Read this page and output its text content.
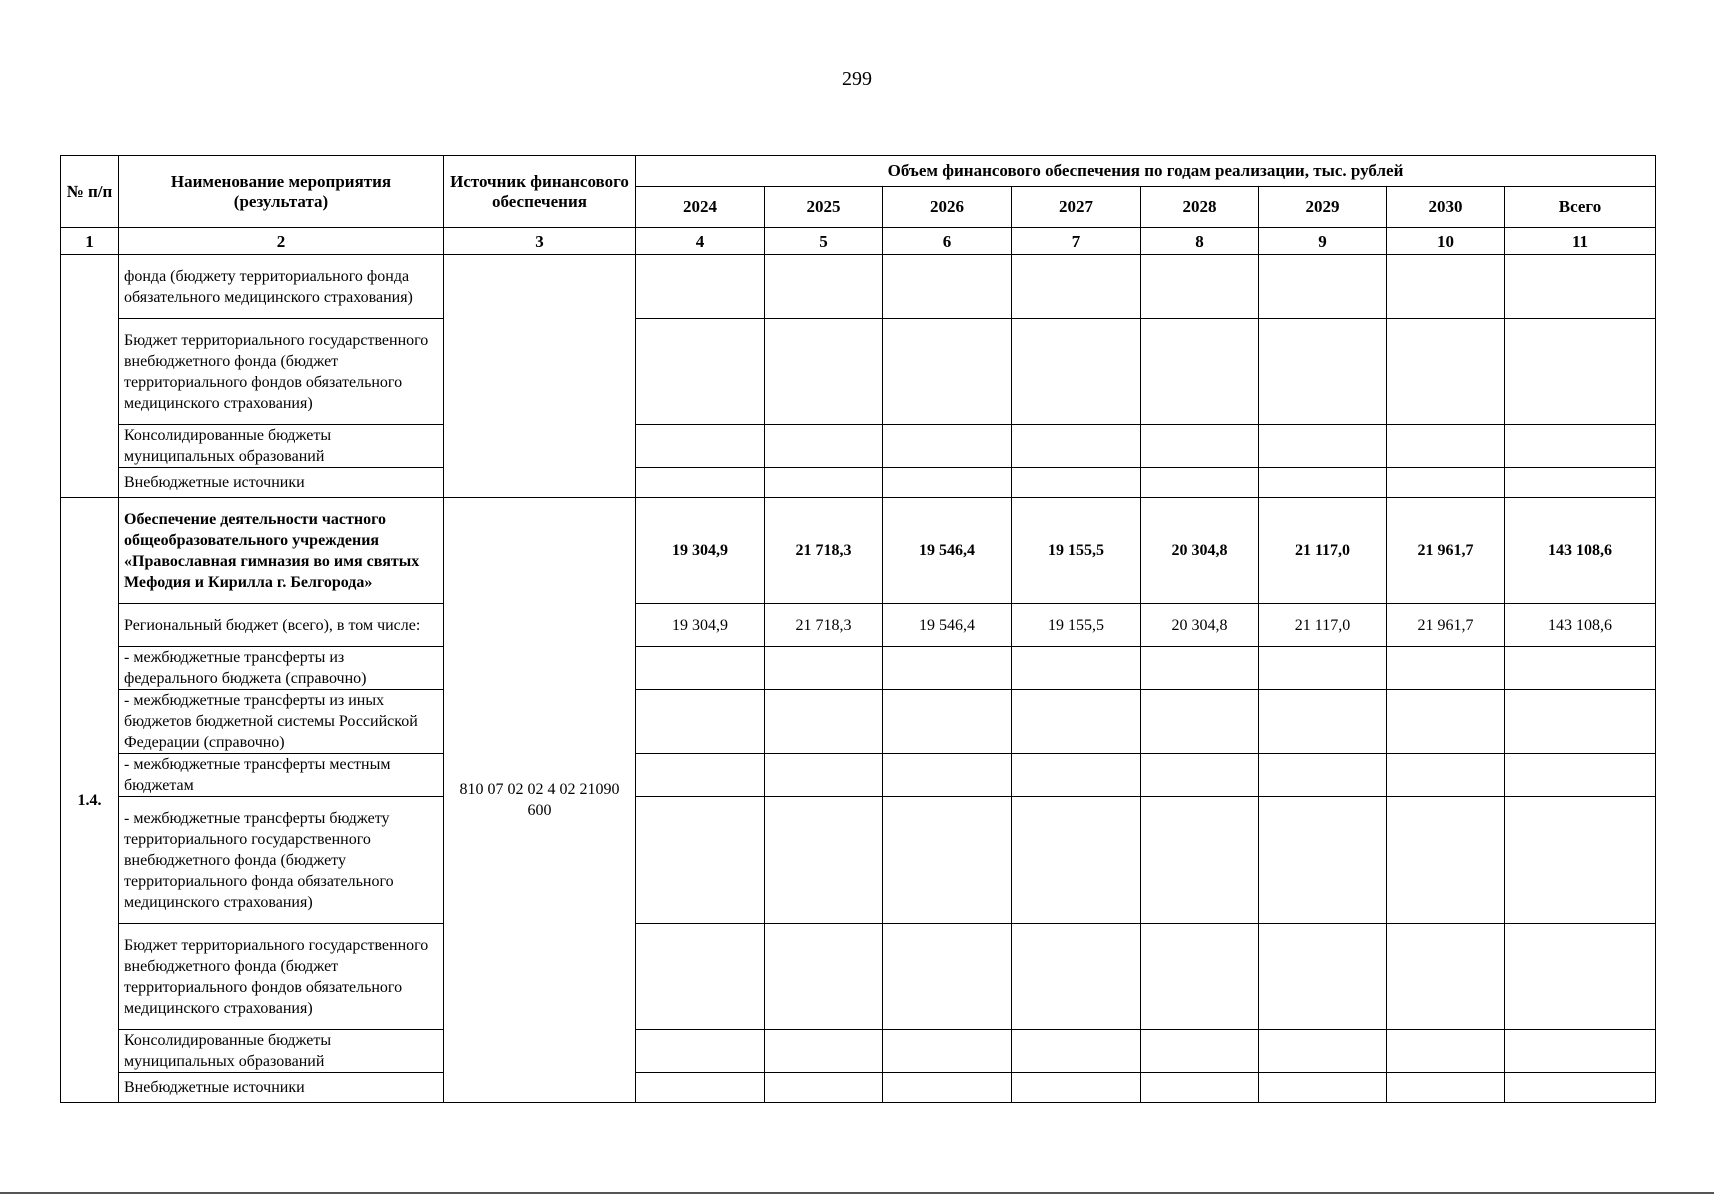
299
№ п/п	Наименование мероприятия (результата)	Источник финансового обеспечения	Объем финансового обеспечения по годам реализации, тыс. рублей							
			2024	2025	2026	2027	2028	2029	2030	Всего
1	2	3	4	5	6	7	8	9	10	11
	фонда (бюджету территориального фонда обязательного медицинского страхования)									
	Бюджет территориального государственного внебюджетного фонда (бюджет территориального фондов обязательного медицинского страхования)									
	Консолидированные бюджеты муниципальных образований									
	Внебюджетные источники									
1.4.	Обеспечение деятельности частного общеобразовательного учреждения «Православная гимназия во имя святых Мефодия и Кирилла г. Белгорода»	810 07 02 02 4 02 21090 600	19 304,9	21 718,3	19 546,4	19 155,5	20 304,8	21 117,0	21 961,7	143 108,6
	Региональный бюджет (всего), в том числе:		19 304,9	21 718,3	19 546,4	19 155,5	20 304,8	21 117,0	21 961,7	143 108,6
	- межбюджетные трансферты из федерального бюджета (справочно)									
	- межбюджетные трансферты из иных бюджетов бюджетной системы Российской Федерации (справочно)									
	- межбюджетные трансферты местным бюджетам									
	- межбюджетные трансферты бюджету территориального государственного внебюджетного фонда (бюджету территориального фонда обязательного медицинского страхования)									
	Бюджет территориального государственного внебюджетного фонда (бюджет территориального фондов обязательного медицинского страхования)									
	Консолидированные бюджеты муниципальных образований									
	Внебюджетные источники									
